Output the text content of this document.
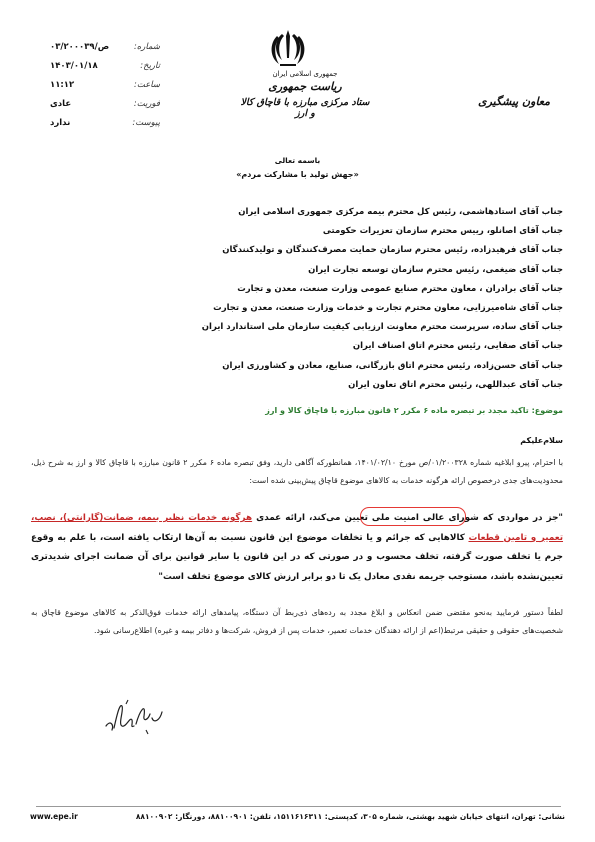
شماره:
۰۳/۲۰۰۰۳۹/ص
تاریخ:
۱۴۰۳/۰۱/۱۸
ساعت:
۱۱:۱۲
فوریت:
عادی
پیوست:
ندارد
جمهوری اسلامی ایران
ریاست جمهوری
ستاد مرکزی مبارزه با قاچاق کالا و ارز
معاون پیشگیری
باسمه تعالی
«جهش تولید با مشارکت مردم»
جناب آقای استادهاشمی، رئیس کل محترم بیمه مرکزی جمهوری اسلامی ایران
جناب آقای اصانلو، رییس محترم سازمان تعزیرات حکومتی
جناب آقای فرهیدزاده، رئیس محترم سازمان حمایت مصرف‌کنندگان و تولیدکنندگان
جناب آقای ضیغمی، رئیس محترم سازمان توسعه تجارت ایران
جناب آقای برادران ، معاون محترم صنایع عمومی وزارت صنعت، معدن و تجارت
جناب آقای شاه‌میرزایی، معاون محترم تجارت و خدمات وزارت صنعت، معدن و تجارت
جناب آقای ساده، سرپرست محترم معاونت ارزیابی کیفیت سازمان ملی استاندارد ایران
جناب آقای صفایی، رئیس محترم اتاق اصناف ایران
جناب آقای حسن‌زاده، رئیس محترم اتاق بازرگانی، صنایع، معادن و کشاورزی ایران
جناب آقای عبداللهی، رئیس محترم اتاق تعاون ایران
موضوع: تاکید مجدد بر تبصره ماده ۶ مکرر ۲ قانون مبارزه با قاچاق کالا و ارز
سلام‌علیکم
با احترام، پیرو ابلاغیه شماره ۰۱/۲۰۰۳۲۸/ص مورخ ۱۴۰۱/۰۲/۱۰، همانطورکه آگاهی دارید، وفق تبصره ماده ۶ مکرر ۲ قانون مبارزه با قاچاق کالا و ارز به شرح ذیل، محدودیت‌های جدی درخصوص ارائه هرگونه خدمات به کالاهای موضوع قاچاق پیش‌بینی شده است:
"جز در مواردی که شورای عالی امنیت ملی تعیین می‌کند، ارائه عمدی هرگونه خدمات نظیر بیمه، ضمانت(گارانتی)، نصب، تعمیر و تامین قطعات کالاهایی که جرائم و یا تخلفات موضوع این قانون نسبت به آن‌ها ارتکاب یافته است، با علم به وقوع جرم یا تخلف صورت گرفته، تخلف محسوب و در صورتی که در این قانون یا سایر قوانین برای آن ضمانت اجرای شدیدتری تعیین‌نشده باشد، مستوجب جریمه نقدی معادل یک تا دو برابر ارزش کالای موضوع تخلف است"
لطفاً دستور فرمایید به‌نحو مقتضی ضمن انعکاس و ابلاغ مجدد به رده‌های ذی‌ربط آن دستگاه، پیامدهای ارائه خدمات فوق‌الذکر به کالاهای موضوع قاچاق به شخصیت‌های حقوقی و حقیقی مرتبط(اعم از ارائه دهندگان خدمات تعمیر، خدمات پس از فروش، شرکت‌ها و دفاتر بیمه و غیره) اطلاع‌رسانی شود.
نشانی: تهران، انتهای خیابان شهید بهشتی، شماره ۳۰۵، کدپستی: ۱۵۱۱۶۱۶۳۱۱، تلفن: ۸۸۱۰۰۹۰۱، دورنگار: ۸۸۱۰۰۹۰۲
www.epe.ir
